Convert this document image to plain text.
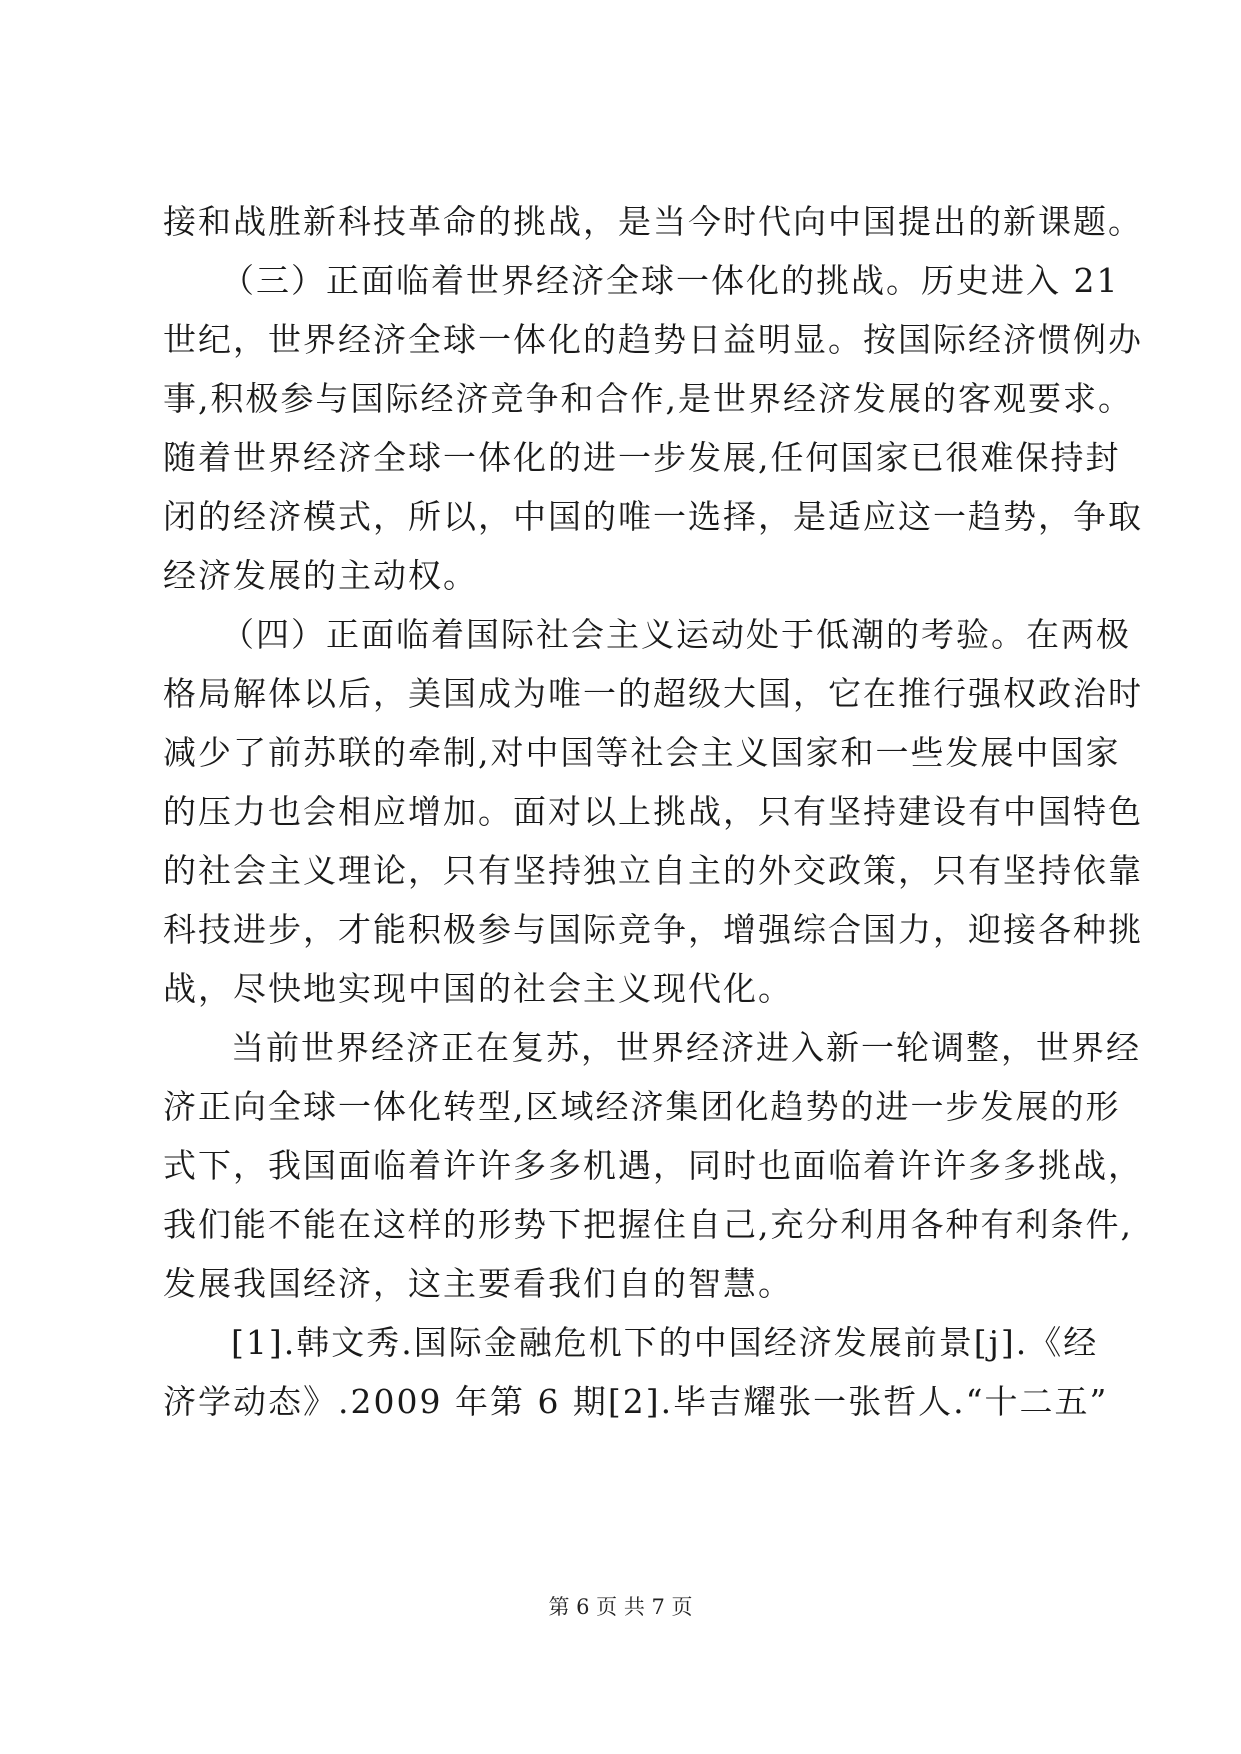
接和战胜新科技革命的挑战，是当今时代向中国提出的新课题。
（三）正面临着世界经济全球一体化的挑战。历史进入 21
世纪，世界经济全球一体化的趋势日益明显。按国际经济惯例办
事,积极参与国际经济竞争和合作,是世界经济发展的客观要求。
随着世界经济全球一体化的进一步发展,任何国家已很难保持封
闭的经济模式，所以，中国的唯一选择，是适应这一趋势，争取
经济发展的主动权。
（四）正面临着国际社会主义运动处于低潮的考验。在两极
格局解体以后，美国成为唯一的超级大国，它在推行强权政治时
减少了前苏联的牵制,对中国等社会主义国家和一些发展中国家
的压力也会相应增加。面对以上挑战，只有坚持建设有中国特色
的社会主义理论，只有坚持独立自主的外交政策，只有坚持依靠
科技进步，才能积极参与国际竞争，增强综合国力，迎接各种挑
战，尽快地实现中国的社会主义现代化。
当前世界经济正在复苏，世界经济进入新一轮调整，世界经
济正向全球一体化转型,区域经济集团化趋势的进一步发展的形
式下，我国面临着许许多多机遇，同时也面临着许许多多挑战，
我们能不能在这样的形势下把握住自己,充分利用各种有利条件,
发展我国经济，这主要看我们自的智慧。
[1].韩文秀.国际金融危机下的中国经济发展前景[j].《经
济学动态》.2009 年第 6 期[2].毕吉耀张一张哲人.“十二五”
第 6 页 共 7 页
